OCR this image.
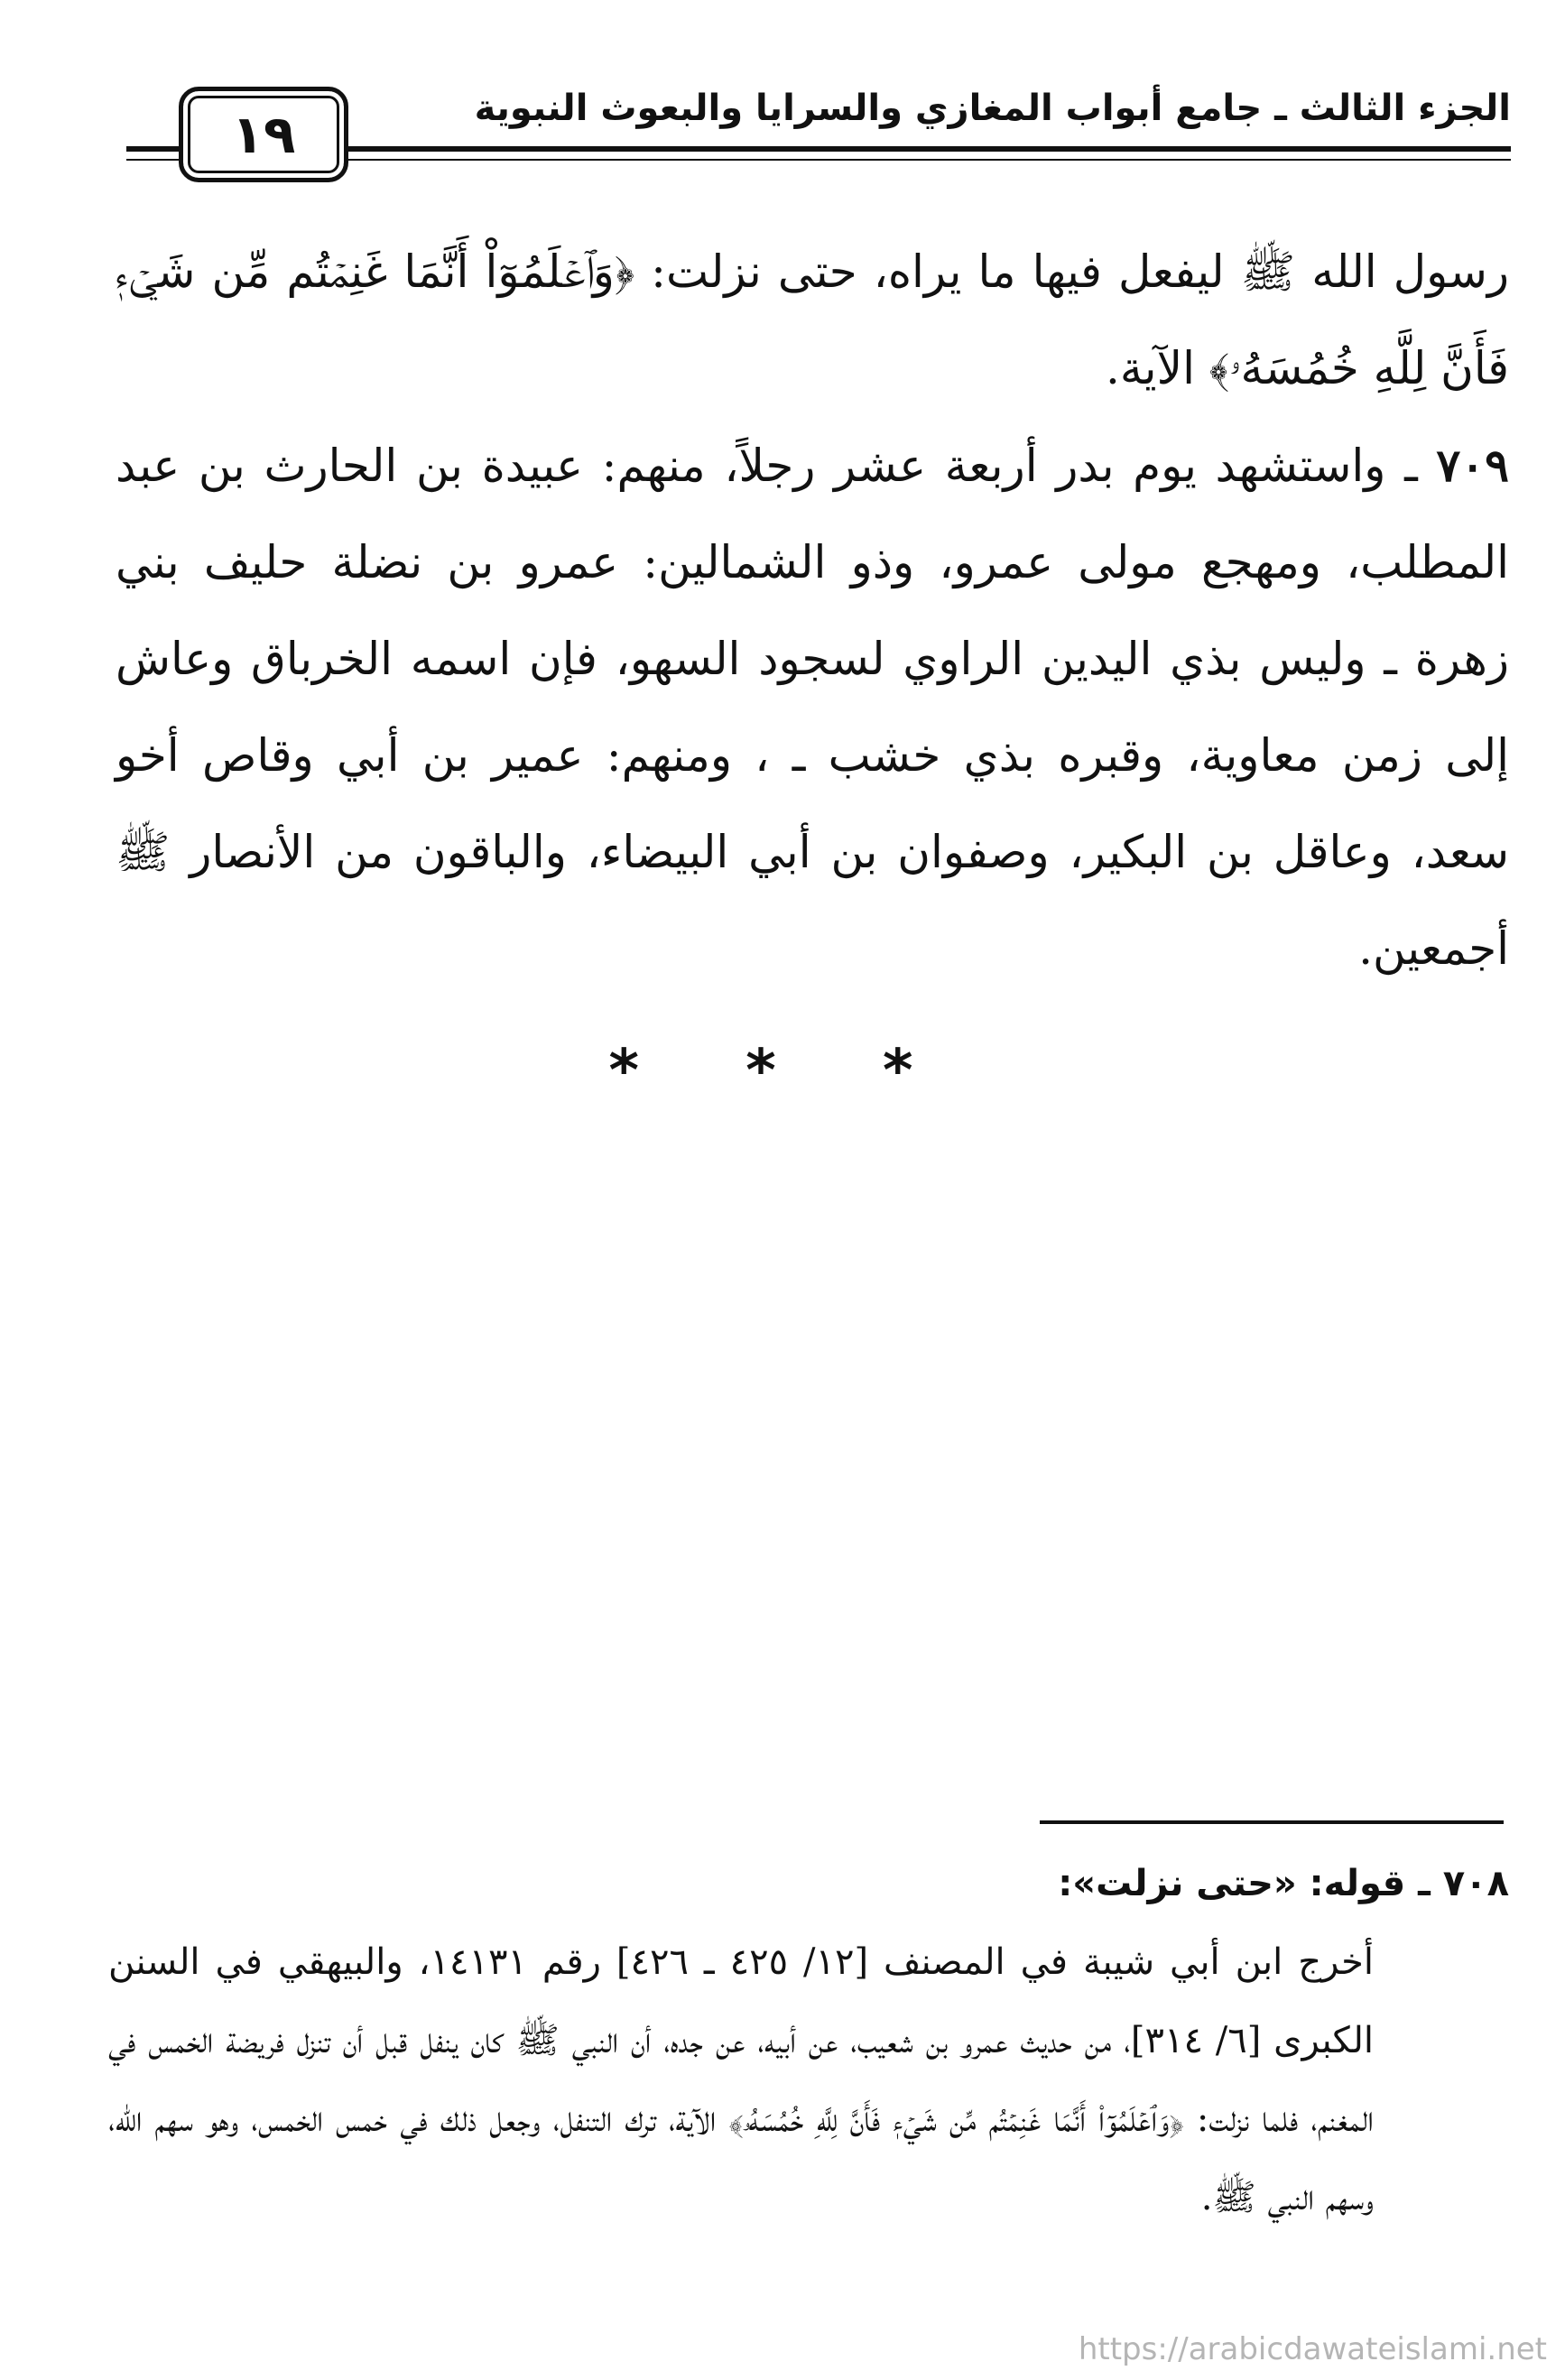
الجزء الثالث ـ جامع أبواب المغازي والسرايا والبعوث النبوية
١٩

رسول الله ﷺ ليفعل فيها ما يراه، حتى نزلت: ﴿وَٱعۡلَمُوٓاْ أَنَّمَا غَنِمۡتُم مِّن شَيۡءٖ فَأَنَّ لِلَّهِ خُمُسَهُۥ﴾ الآية.

٧٠٩ ـ واستشهد يوم بدر أربعة عشر رجلاً، منهم: عبيدة بن الحارث بن عبد المطلب، ومهجع مولى عمرو، وذو الشمالين: عمرو بن نضلة حليف بني زهرة ـ وليس بذي اليدين الراوي لسجود السهو، فإن اسمه الخرباق وعاش إلى زمن معاوية، وقبره بذي خشب ـ ، ومنهم: عمير بن أبي وقاص أخو سعد، وعاقل بن البكير، وصفوان بن أبي البيضاء، والباقون من الأنصار ﷺ أجمعين.

* * *

٧٠٨ ـ قوله: «حتى نزلت»:

أخرج ابن أبي شيبة في المصنف [١٢/ ٤٢٥ ـ ٤٢٦] رقم ١٤١٣١، والبيهقي في السنن الكبرى [٦/ ٣١٤]، من حديث عمرو بن شعيب، عن أبيه، عن جده، أن النبي ﷺ كان ينفل قبل أن تنزل فريضة الخمس في المغنم، فلما نزلت: ﴿وَٱعۡلَمُوٓاْ أَنَّمَا غَنِمۡتُم مِّن شَيۡءٖ فَأَنَّ لِلَّهِ خُمُسَهُۥ﴾ الآية، ترك التنفل، وجعل ذلك في خمس الخمس، وهو سهم الله، وسهم النبي ﷺ.

https://arabicdawateislami.net
